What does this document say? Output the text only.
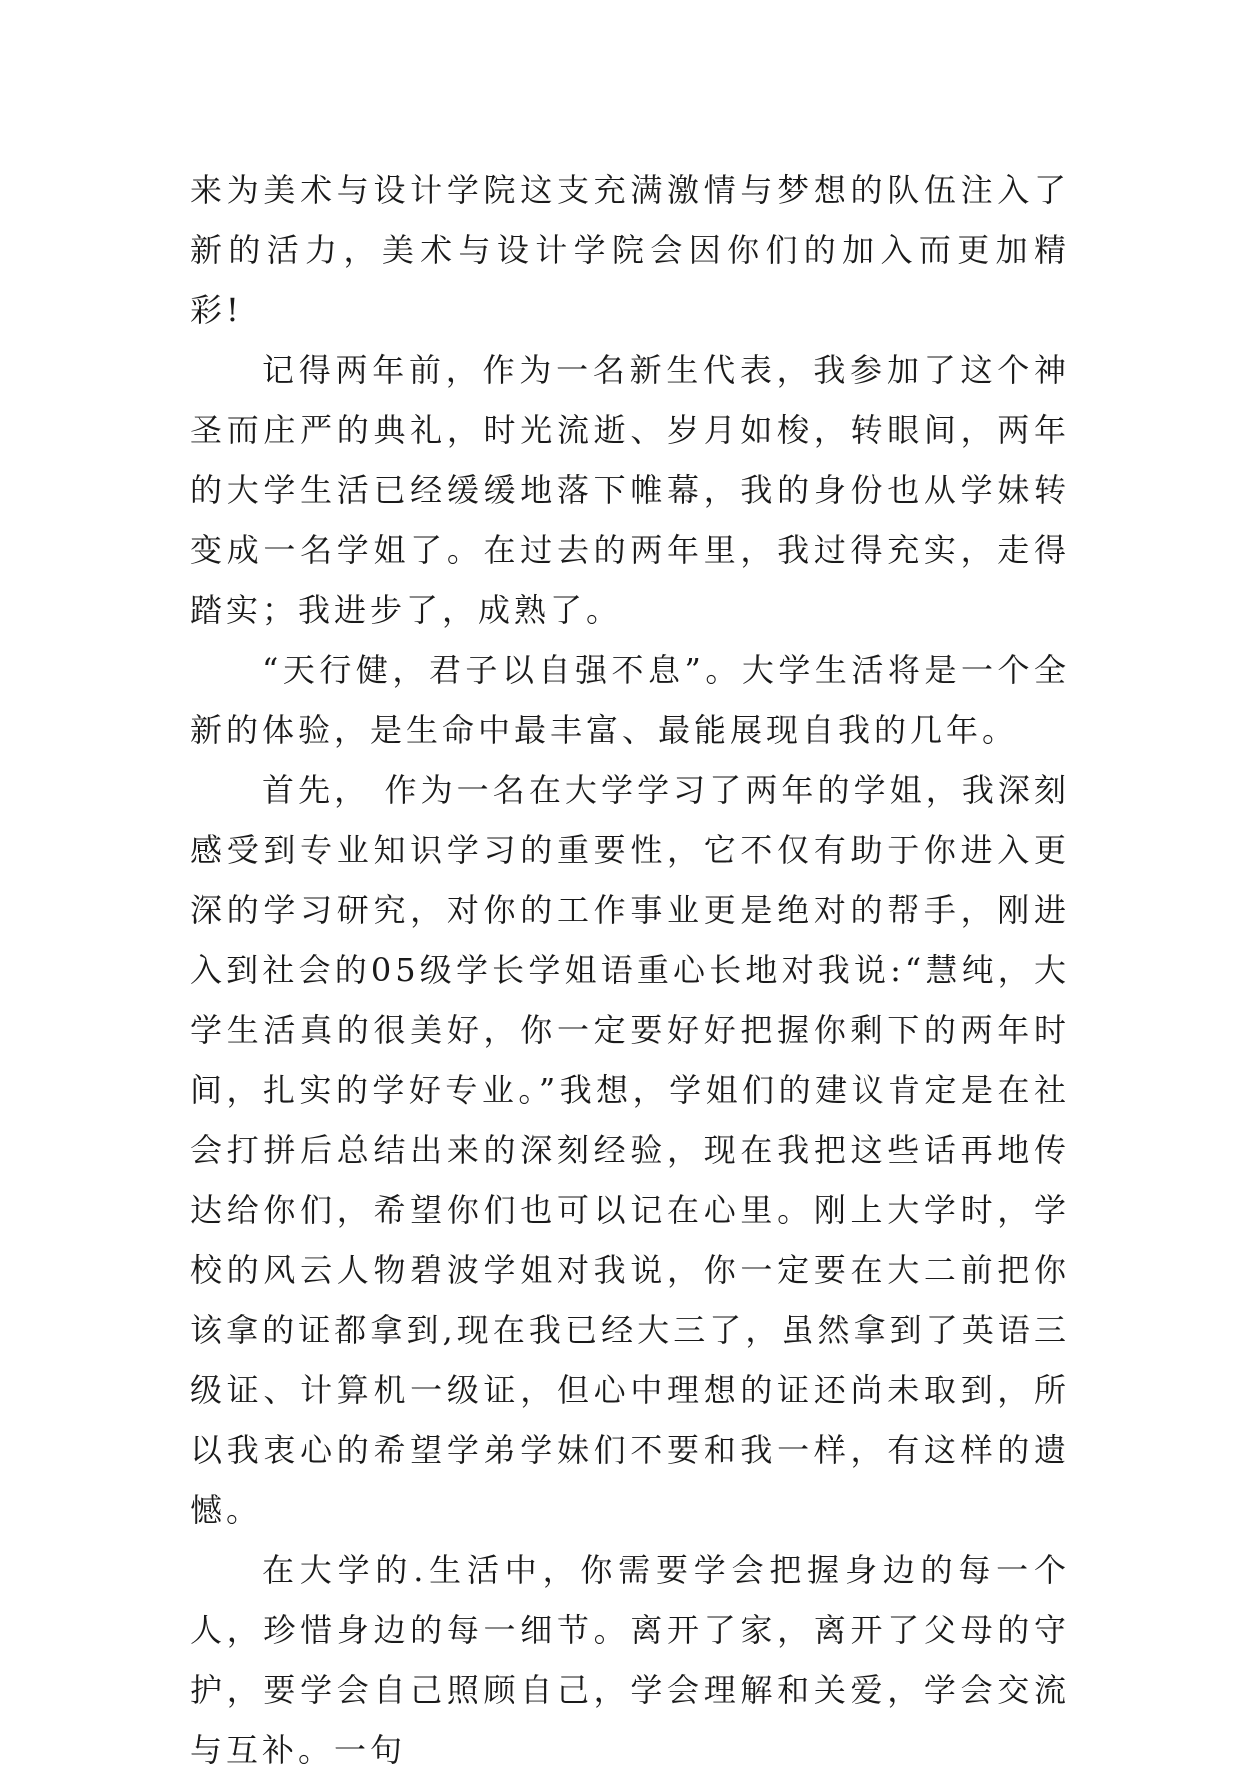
来为美术与设计学院这支充满激情与梦想的队伍注入了新的活力，美术与设计学院会因你们的加入而更加精彩!

记得两年前，作为一名新生代表，我参加了这个神圣而庄严的典礼，时光流逝、岁月如梭，转眼间，两年的大学生活已经缓缓地落下帷幕，我的身份也从学妹转变成一名学姐了。在过去的两年里，我过得充实，走得踏实；我进步了，成熟了。

“天行健，君子以自强不息”。大学生活将是一个全新的体验，是生命中最丰富、最能展现自我的几年。

首先， 作为一名在大学学习了两年的学姐，我深刻感受到专业知识学习的重要性，它不仅有助于你进入更深的学习研究，对你的工作事业更是绝对的帮手，刚进入到社会的05级学长学姐语重心长地对我说:“慧纯，大学生活真的很美好，你一定要好好把握你剩下的两年时间，扎实的学好专业。”我想，学姐们的建议肯定是在社会打拼后总结出来的深刻经验，现在我把这些话再地传达给你们，希望你们也可以记在心里。刚上大学时，学校的风云人物碧波学姐对我说，你一定要在大二前把你该拿的证都拿到,现在我已经大三了，虽然拿到了英语三级证、计算机一级证，但心中理想的证还尚未取到，所以我衷心的希望学弟学妹们不要和我一样，有这样的遗憾。

在大学的.生活中，你需要学会把握身边的每一个人，珍惜身边的每一细节。离开了家，离开了父母的守护，要学会自己照顾自己，学会理解和关爱，学会交流与互补。一句
